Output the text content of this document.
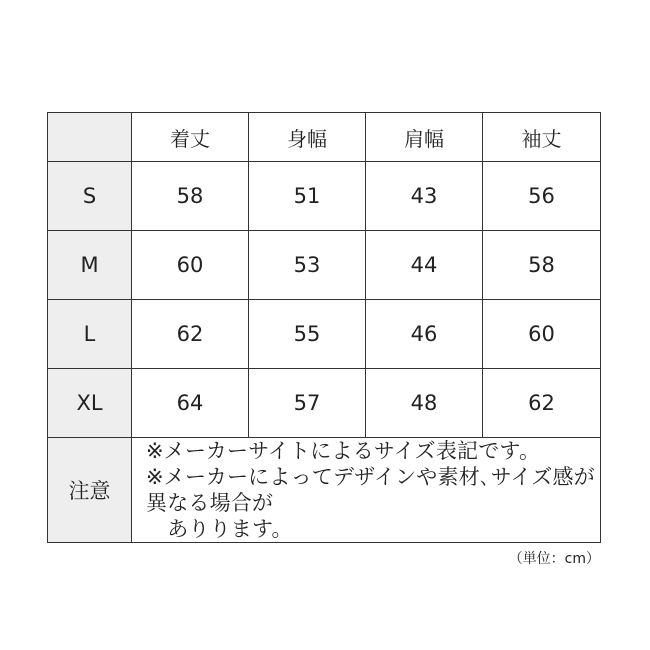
	着丈	身幅	肩幅	袖丈
S	58	51	43	56
M	60	53	44	58
L	62	55	46	60
XL	64	57	48	62
注意	※メーカーサイトによるサイズ表記です。
※メーカーによってデザインや素材､サイズ感が異なる場合が
　ありります。			
（単位：cm）
